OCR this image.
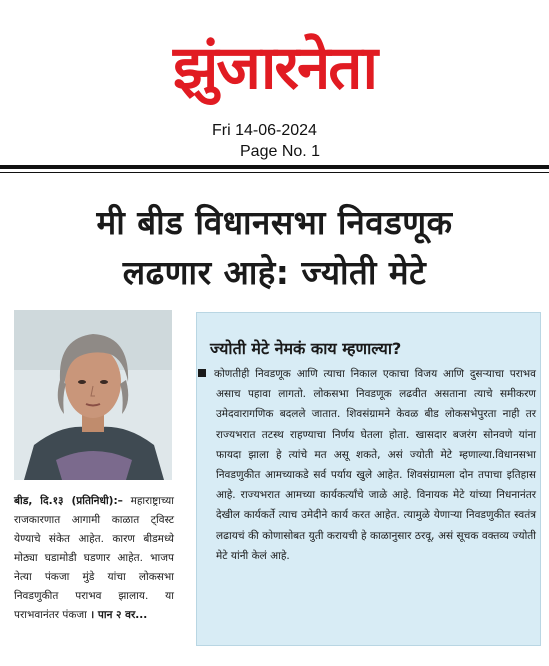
झुंजारनेता
Fri 14-06-2024
Page No. 1
मी बीड विधानसभा निवडणूक
लढणार आहे: ज्योती मेटे
बीड, दि.१३ (प्रतिनिधी):– महाराष्ट्राच्या राजकारणात आगामी काळात ट्विस्ट येण्याचे संकेत आहेत. कारण बीडमध्ये मोठ्या घडामोडी घडणार आहेत. भाजप नेत्या पंकजा मुंडे यांचा लोकसभा निवडणुकीत पराभव झालाय. या पराभवानंतर पंकजा । पान २ वर...
ज्योती मेटे नेमकं काय म्हणाल्या?
कोणतीही निवडणूक आणि त्याचा निकाल एकाचा विजय आणि दुसऱ्याचा पराभव असाच पहावा लागतो. लोकसभा निवडणूक लढवीत असताना त्याचे समीकरण उमेदवारागणिक बदलले जातात. शिवसंग्रामने केवळ बीड लोकसभेपुरता नाही तर राज्यभरात तटस्थ राहण्याचा निर्णय घेतला होता. खासदार बजरंग सोनवणे यांना फायदा झाला हे त्यांचे मत असू शकते, असं ज्योती मेटे म्हणाल्या.विधानसभा निवडणुकीत आमच्याकडे सर्व पर्याय खुले आहेत. शिवसंग्रामला दोन तपाचा इतिहास आहे. राज्यभरात आमच्या कार्यकर्त्यांचे जाळे आहे. विनायक मेटे यांच्या निधनानंतर देखील कार्यकर्ते त्याच उमेदीने कार्य करत आहेत. त्यामुळे येणाऱ्या निवडणुकीत स्वतंत्र लढायचं की कोणासोबत युती करायची हे काळानुसार ठरवू, असं सूचक वक्तव्य ज्योती मेटे यांनी केलं आहे.
